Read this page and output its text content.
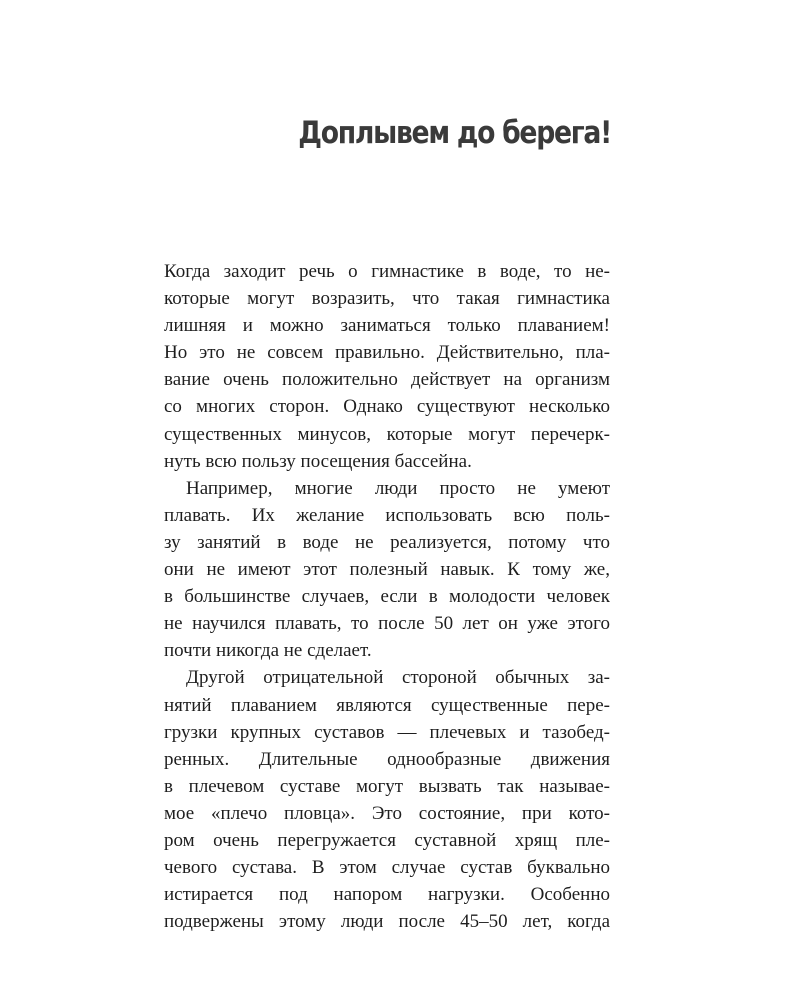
Доплывем до берега!
Когда заходит речь о гимнастике в воде, то не-
которые могут возразить, что такая гимнастика
лишняя и можно заниматься только плаванием!
Но это не совсем правильно. Действительно, пла-
вание очень положительно действует на организм
со многих сторон. Однако существуют несколько
существенных минусов, которые могут перечерк-
нуть всю пользу посещения бассейна.
Например, многие люди просто не умеют
плавать. Их желание использовать всю поль-
зу занятий в воде не реализуется, потому что
они не имеют этот полезный навык. К тому же,
в большинстве случаев, если в молодости человек
не научился плавать, то после 50 лет он уже этого
почти никогда не сделает.
Другой отрицательной стороной обычных за-
нятий плаванием являются существенные пере-
грузки крупных суставов — плечевых и тазобед-
ренных. Длительные однообразные движения
в плечевом суставе могут вызвать так называе-
мое «плечо пловца». Это состояние, при кото-
ром очень перегружается суставной хрящ пле-
чевого сустава. В этом случае сустав буквально
истирается под напором нагрузки. Особенно
подвержены этому люди после 45–50 лет, когда
